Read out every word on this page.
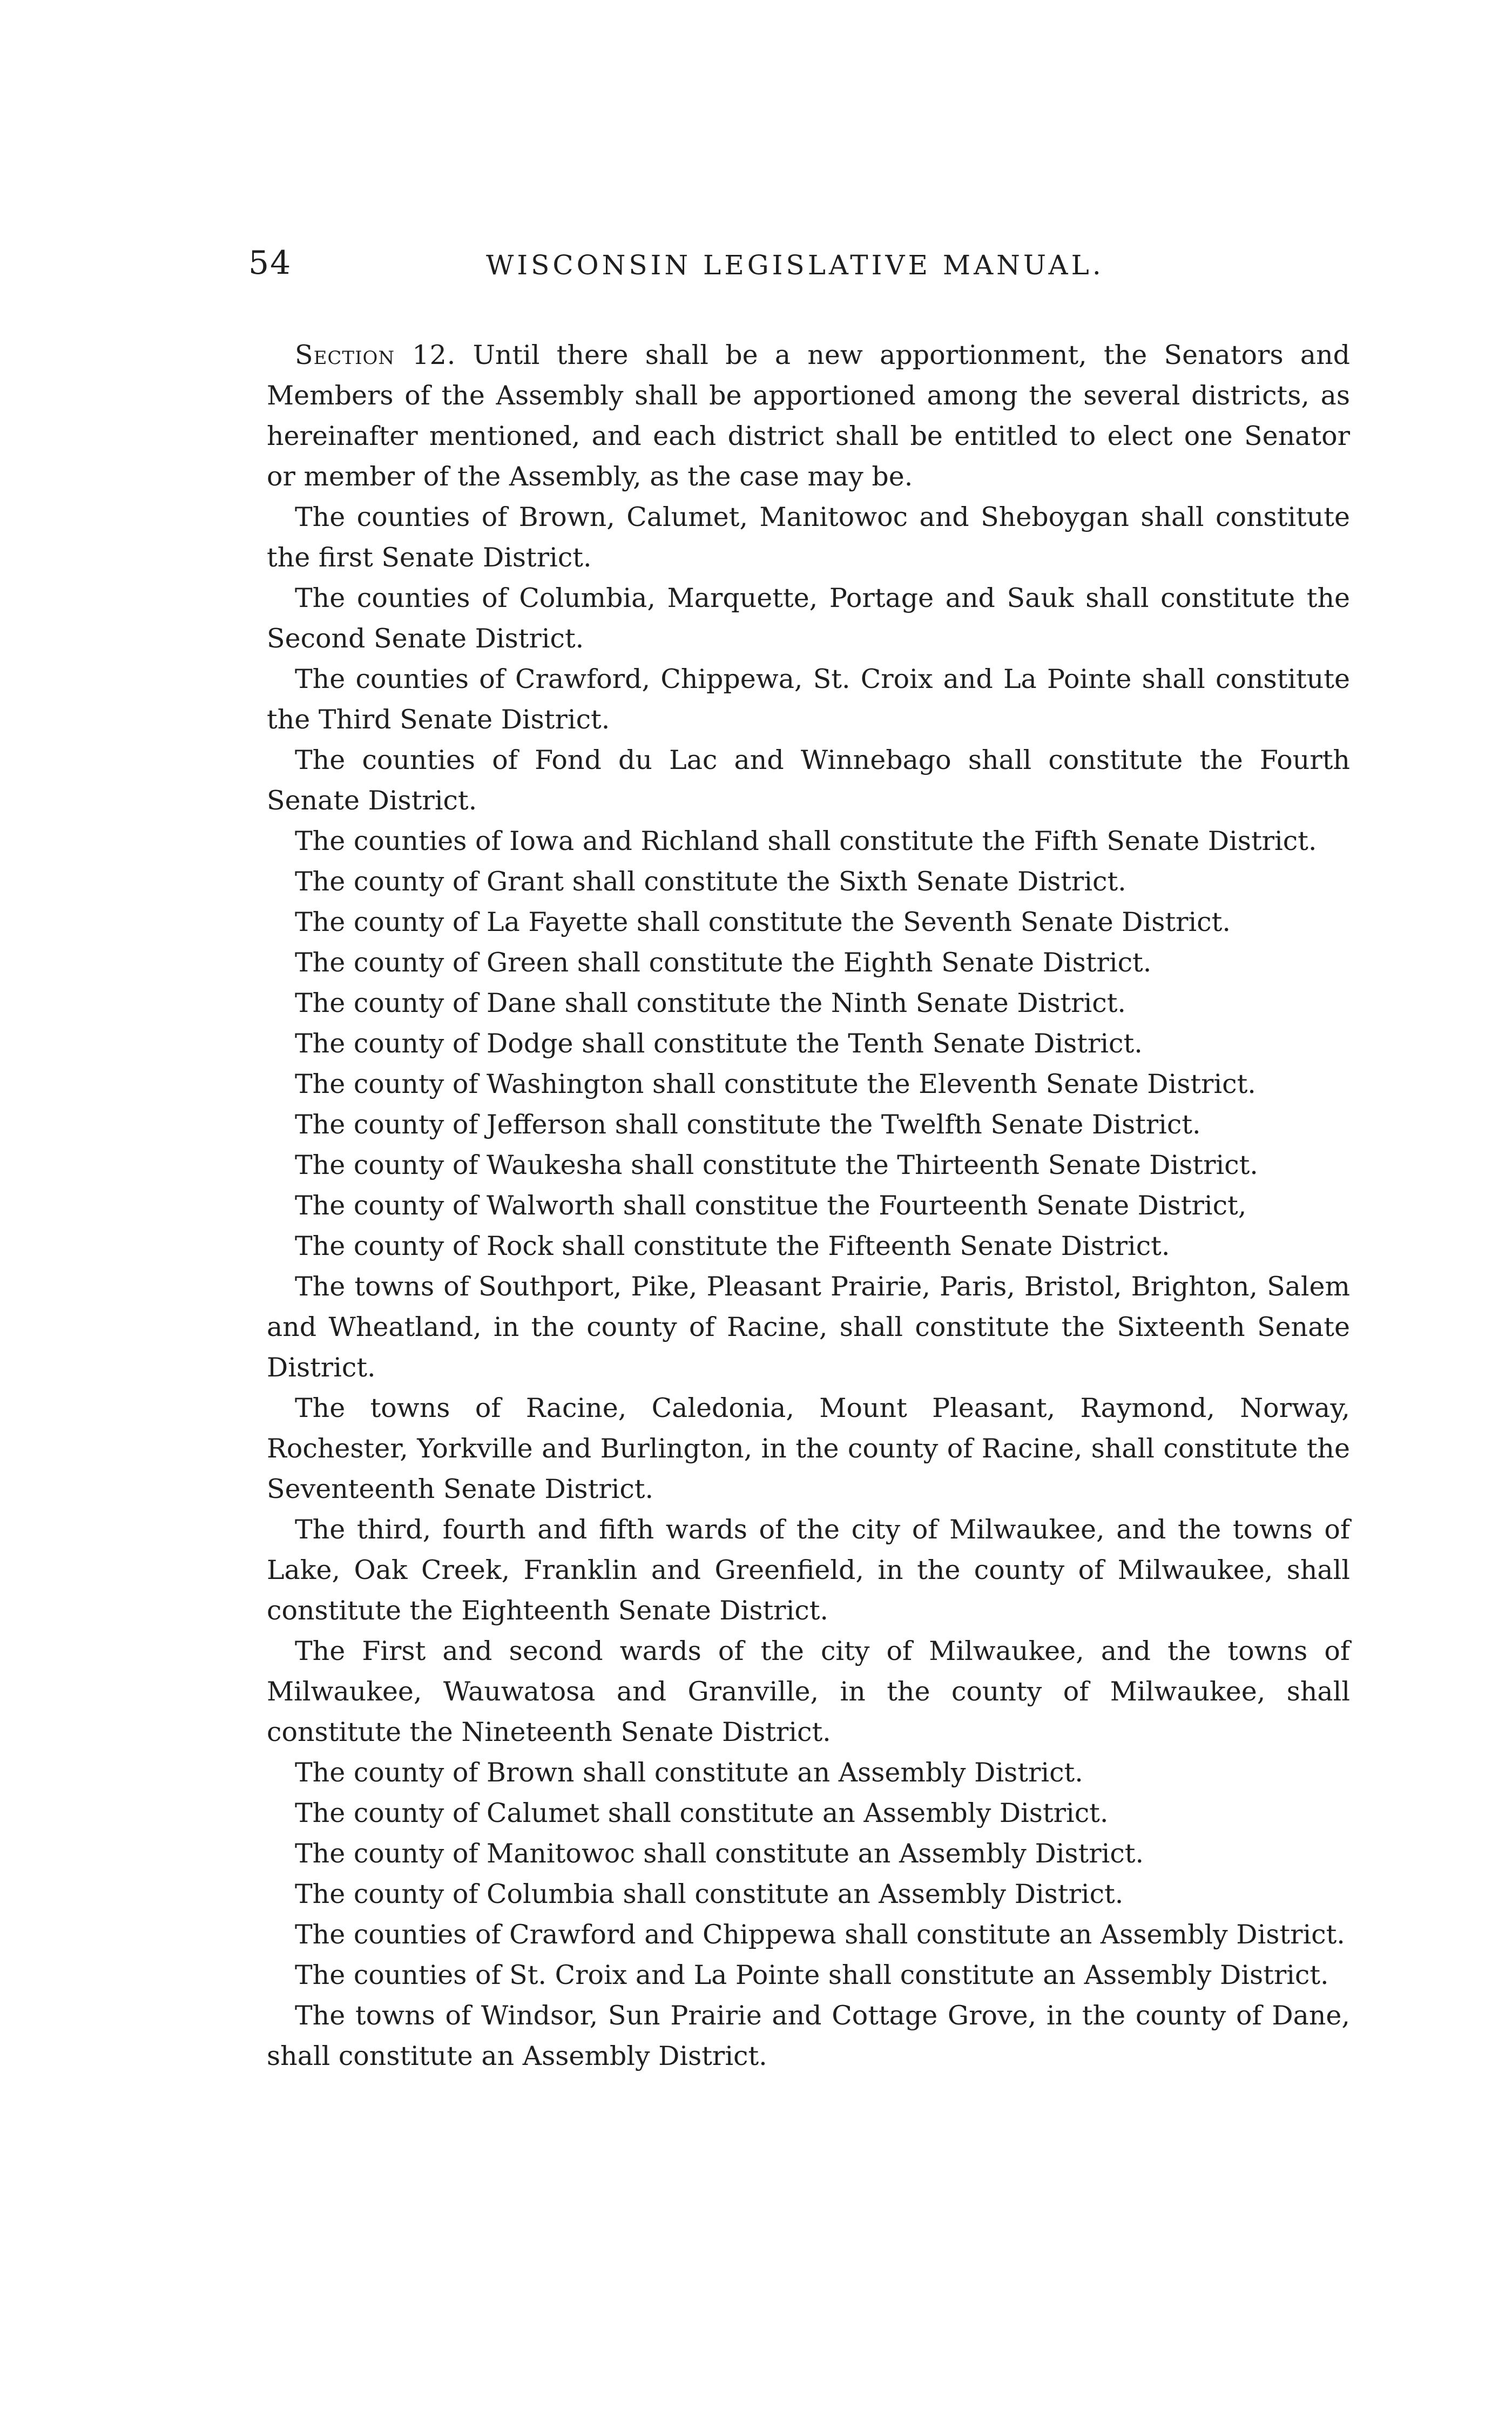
54	WISCONSIN LEGISLATIVE MANUAL.

Section 12. Until there shall be a new apportionment, the Senators and Members of the Assembly shall be apportioned among the several districts, as hereinafter mentioned, and each district shall be entitled to elect one Senator or member of the Assembly, as the case may be.

The counties of Brown, Calumet, Manitowoc and Sheboygan shall constitute the first Senate District.

The counties of Columbia, Marquette, Portage and Sauk shall constitute the Second Senate District.

The counties of Crawford, Chippewa, St. Croix and La Pointe shall constitute the Third Senate District.

The counties of Fond du Lac and Winnebago shall constitute the Fourth Senate District.

The counties of Iowa and Richland shall constitute the Fifth Senate District.

The county of Grant shall constitute the Sixth Senate District.

The county of La Fayette shall constitute the Seventh Senate District.

The county of Green shall constitute the Eighth Senate District.

The county of Dane shall constitute the Ninth Senate District.

The county of Dodge shall constitute the Tenth Senate District.

The county of Washington shall constitute the Eleventh Senate District.

The county of Jefferson shall constitute the Twelfth Senate District.

The county of Waukesha shall constitute the Thirteenth Senate District.

The county of Walworth shall constitue the Fourteenth Senate District,

The county of Rock shall constitute the Fifteenth Senate District.

The towns of Southport, Pike, Pleasant Prairie, Paris, Bristol, Brighton, Salem and Wheatland, in the county of Racine, shall constitute the Sixteenth Senate District.

The towns of Racine, Caledonia, Mount Pleasant, Raymond, Norway, Rochester, Yorkville and Burlington, in the county of Racine, shall constitute the Seventeenth Senate District.

The third, fourth and fifth wards of the city of Milwaukee, and the towns of Lake, Oak Creek, Franklin and Greenfield, in the county of Milwaukee, shall constitute the Eighteenth Senate District.

The First and second wards of the city of Milwaukee, and the towns of Milwaukee, Wauwatosa and Granville, in the county of Milwaukee, shall constitute the Nineteenth Senate District.

The county of Brown shall constitute an Assembly District.

The county of Calumet shall constitute an Assembly District.

The county of Manitowoc shall constitute an Assembly District.

The county of Columbia shall constitute an Assembly District.

The counties of Crawford and Chippewa shall constitute an Assembly District.

The counties of St. Croix and La Pointe shall constitute an Assembly District.

The towns of Windsor, Sun Prairie and Cottage Grove, in the county of Dane, shall constitute an Assembly District.
